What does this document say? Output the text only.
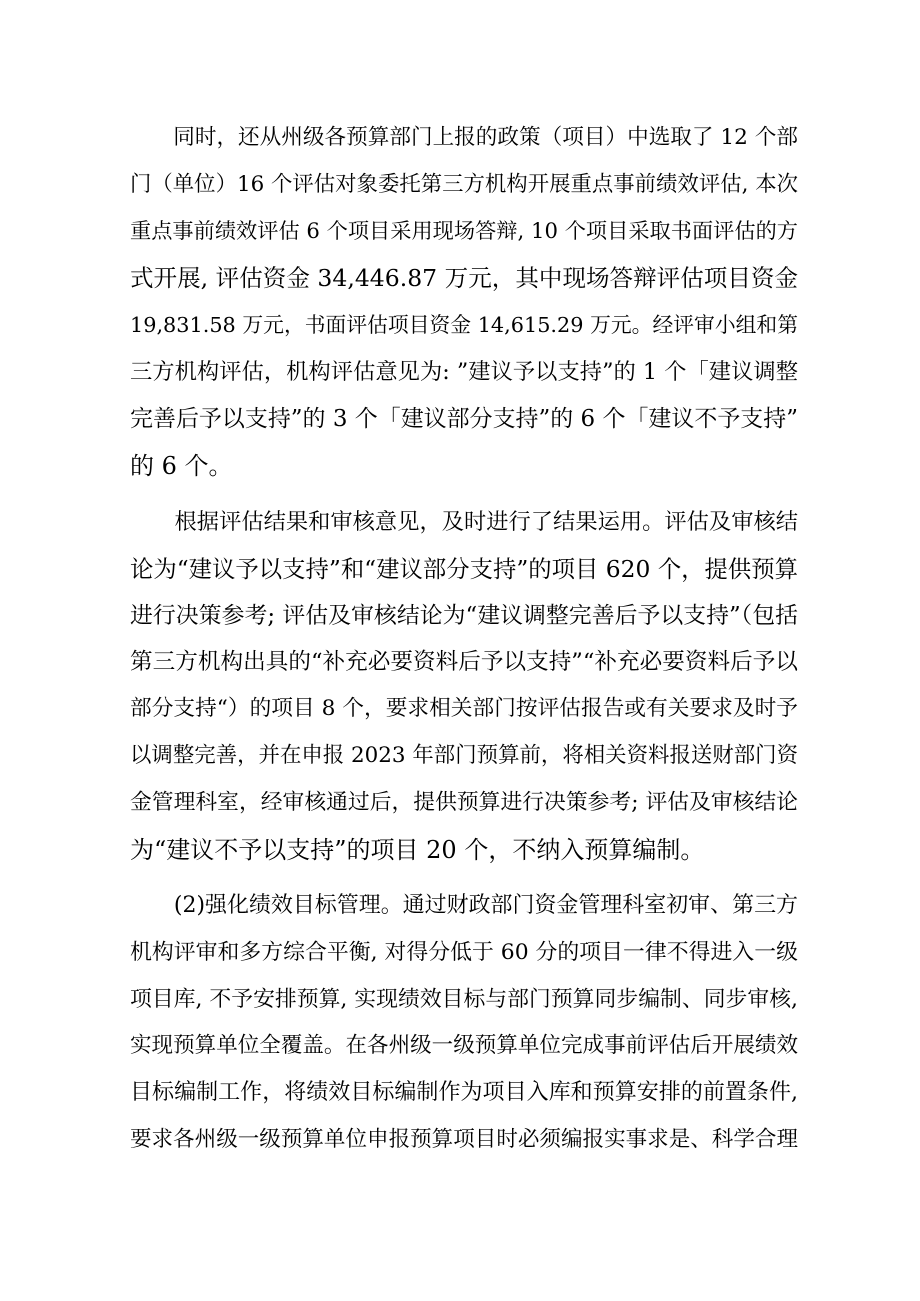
　　同时，还从州级各预算部门上报的政策（项目）中选取了 12 个部
门（单位）16 个评估对象委托第三方机构开展重点事前绩效评估, 本次
重点事前绩效评估 6 个项目采用现场答辩, 10 个项目采取书面评估的方
式开展, 评估资金 34,446.87 万元，其中现场答辩评估项目资金
19,831.58 万元，书面评估项目资金 14,615.29 万元。经评审小组和第
三方机构评估，机构评估意见为: ”建议予以支持”的 1 个「建议调整
完善后予以支持”的 3 个「建议部分支持”的 6 个「建议不予支持”
的 6 个。
　　根据评估结果和审核意见，及时进行了结果运用。评估及审核结
论为“建议予以支持”和“建议部分支持”的项目 620 个，提供预算
进行决策参考; 评估及审核结论为“建议调整完善后予以支持”（包括
第三方机构出具的“补充必要资料后予以支持”“补充必要资料后予以
部分支持“）的项目 8 个，要求相关部门按评估报告或有关要求及时予
以调整完善，并在申报 2023 年部门预算前，将相关资料报送财部门资
金管理科室，经审核通过后，提供预算进行决策参考; 评估及审核结论
为“建议不予以支持”的项目 20 个，不纳入预算编制。
　　(2)强化绩效目标管理。通过财政部门资金管理科室初审、第三方
机构评审和多方综合平衡, 对得分低于 60 分的项目一律不得进入一级
项目库, 不予安排预算, 实现绩效目标与部门预算同步编制、同步审核,
实现预算单位全覆盖。在各州级一级预算单位完成事前评估后开展绩效
目标编制工作，将绩效目标编制作为项目入库和预算安排的前置条件,
要求各州级一级预算单位申报预算项目时必须编报实事求是、科学合理
